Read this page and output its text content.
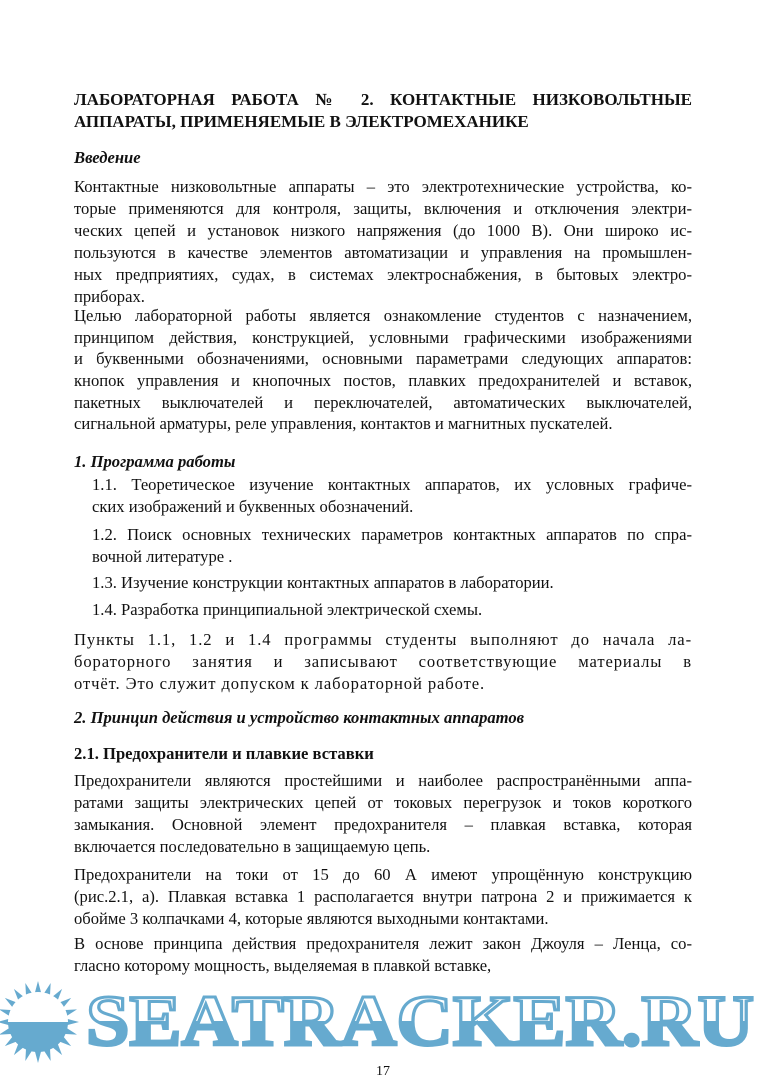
ЛАБОРАТОРНАЯ РАБОТА № 2. КОНТАКТНЫЕ НИЗКОВОЛЬТНЫЕ
АППАРАТЫ, ПРИМЕНЯЕМЫЕ В ЭЛЕКТРОМЕХАНИКЕ
Введение
Контактные низковольтные аппараты – это электротехнические устройства, ко-
торые применяются для контроля, защиты, включения и отключения электри-
ческих цепей и установок низкого напряжения (до 1000 В). Они широко ис-
пользуются в качестве элементов автоматизации и управления на промышлен-
ных предприятиях, судах, в системах электроснабжения, в бытовых электро-
приборах.
Целью лабораторной работы является ознакомление студентов с назначением,
принципом действия, конструкцией, условными графическими изображениями
и буквенными обозначениями, основными параметрами следующих аппаратов:
кнопок управления и кнопочных постов, плавких предохранителей и вставок,
пакетных выключателей и переключателей, автоматических выключателей,
сигнальной арматуры, реле управления, контактов и магнитных пускателей.
1. Программа работы
1.1. Теоретическое изучение контактных аппаратов, их условных графиче-
ских изображений и буквенных обозначений.
1.2. Поиск основных технических параметров контактных аппаратов по спра-
вочной литературе .
1.3. Изучение конструкции контактных аппаратов в лаборатории.
1.4. Разработка принципиальной электрической схемы.
Пункты 1.1, 1.2 и 1.4 программы студенты выполняют до начала ла-
бораторного занятия и записывают соответствующие материалы в
отчёт. Это служит допуском к лабораторной работе.
2. Принцип действия и устройство контактных аппаратов
2.1. Предохранители и плавкие вставки
Предохранители являются простейшими и наиболее распространёнными аппа-
ратами защиты электрических цепей от токовых перегрузок и токов короткого
замыкания. Основной элемент предохранителя – плавкая вставка, которая
включается последовательно в защищаемую цепь.
Предохранители на токи от 15 до 60 А имеют упрощённую конструкцию
(рис.2.1, а). Плавкая вставка 1 располагается внутри патрона 2 и прижимается к
обойме 3 колпачками 4, которые являются выходными контактами.
В основе принципа действия предохранителя лежит закон Джоуля – Ленца, со-
гласно которому мощность, выделяемая в плавкой вставке,
SEATRACKER.RU
17
